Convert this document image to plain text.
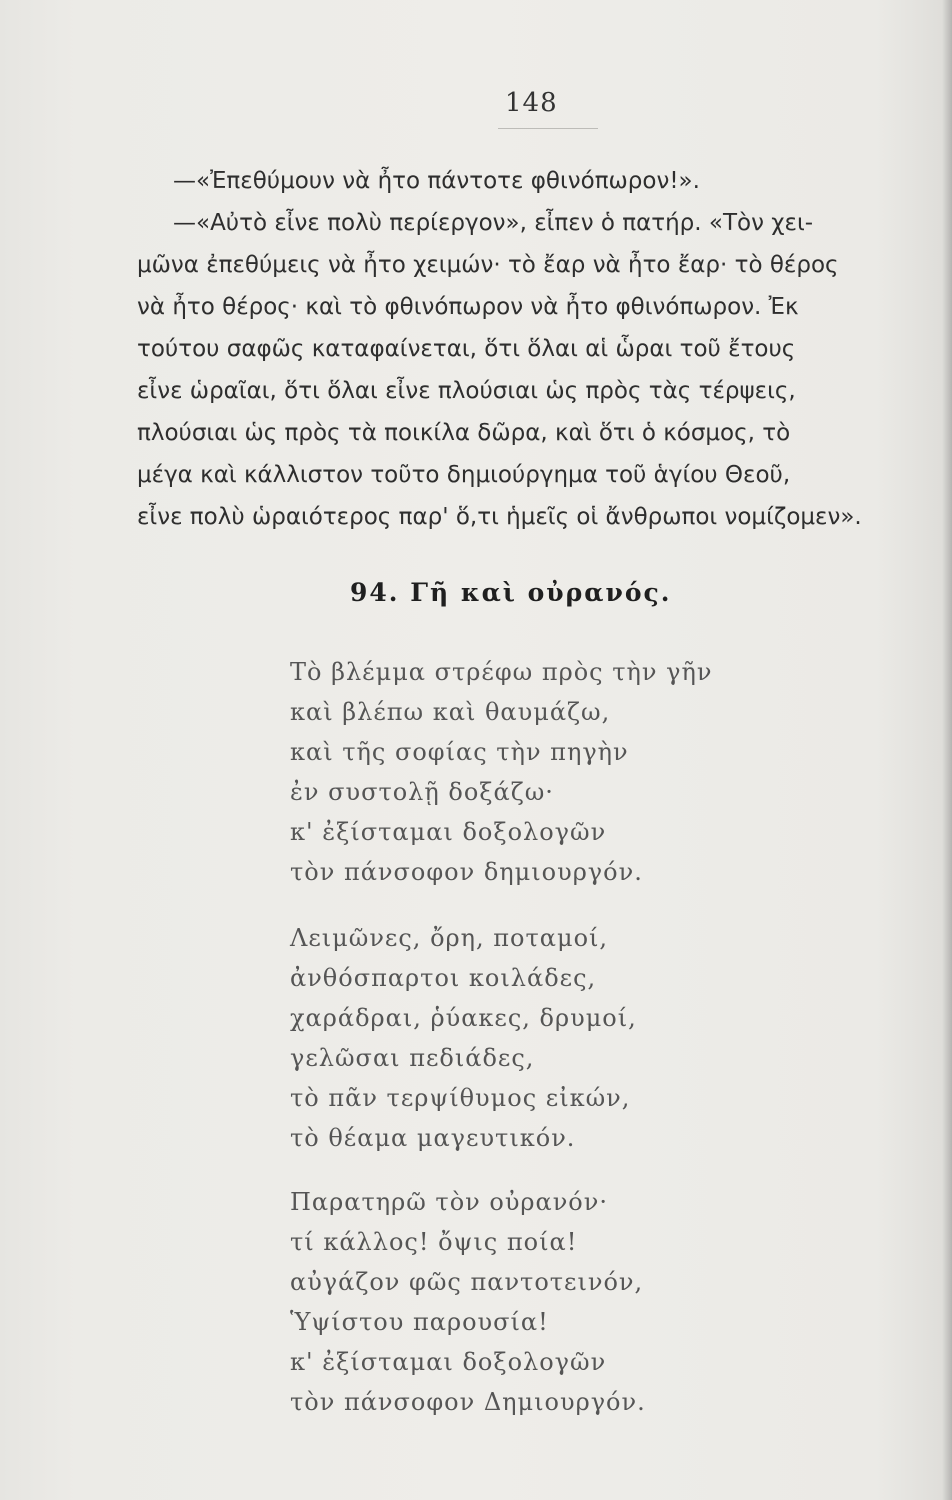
148
—«Ἐπεθύμουν νὰ ἦτο πάντοτε φθινόπωρον!».
—«Αὐτὸ εἶνε πολὺ περίεργον», εἶπεν ὁ πατήρ. «Τὸν χει-
μῶνα ἐπεθύμεις νὰ ἦτο χειμών· τὸ ἔαρ νὰ ἦτο ἔαρ· τὸ θέρος
νὰ ἦτο θέρος· καὶ τὸ φθινόπωρον νὰ ἦτο φθινόπωρον. Ἐκ
τούτου σαφῶς καταφαίνεται, ὅτι ὅλαι αἱ ὧραι τοῦ ἔτους
εἶνε ὡραῖαι, ὅτι ὅλαι εἶνε πλούσιαι ὡς πρὸς τὰς τέρψεις,
πλούσιαι ὡς πρὸς τὰ ποικίλα δῶρα, καὶ ὅτι ὁ κόσμος, τὸ
μέγα καὶ κάλλιστον τοῦτο δημιούργημα τοῦ ἁγίου Θεοῦ,
εἶνε πολὺ ὡραιότερος παρ' ὅ,τι ἡμεῖς οἱ ἄνθρωποι νομίζομεν».
94. Γῆ καὶ οὐρανός.
Τὸ βλέμμα στρέφω πρὸς τὴν γῆν
καὶ βλέπω καὶ θαυμάζω,
καὶ τῆς σοφίας τὴν πηγὴν
ἐν συστολῇ δοξάζω·
κ' ἐξίσταμαι δοξολογῶν
τὸν πάνσοφον δημιουργόν.
Λειμῶνες, ὄρη, ποταμοί,
ἀνθόσπαρτοι κοιλάδες,
χαράδραι, ῥύακες, δρυμοί,
γελῶσαι πεδιάδες,
τὸ πᾶν τερψίθυμος εἰκών,
τὸ θέαμα μαγευτικόν.
Παρατηρῶ τὸν οὐρανόν·
τί κάλλος! ὄψις ποία!
αὐγάζον φῶς παντοτεινόν,
Ὑψίστου παρουσία!
κ' ἐξίσταμαι δοξολογῶν
τὸν πάνσοφον Δημιουργόν.
